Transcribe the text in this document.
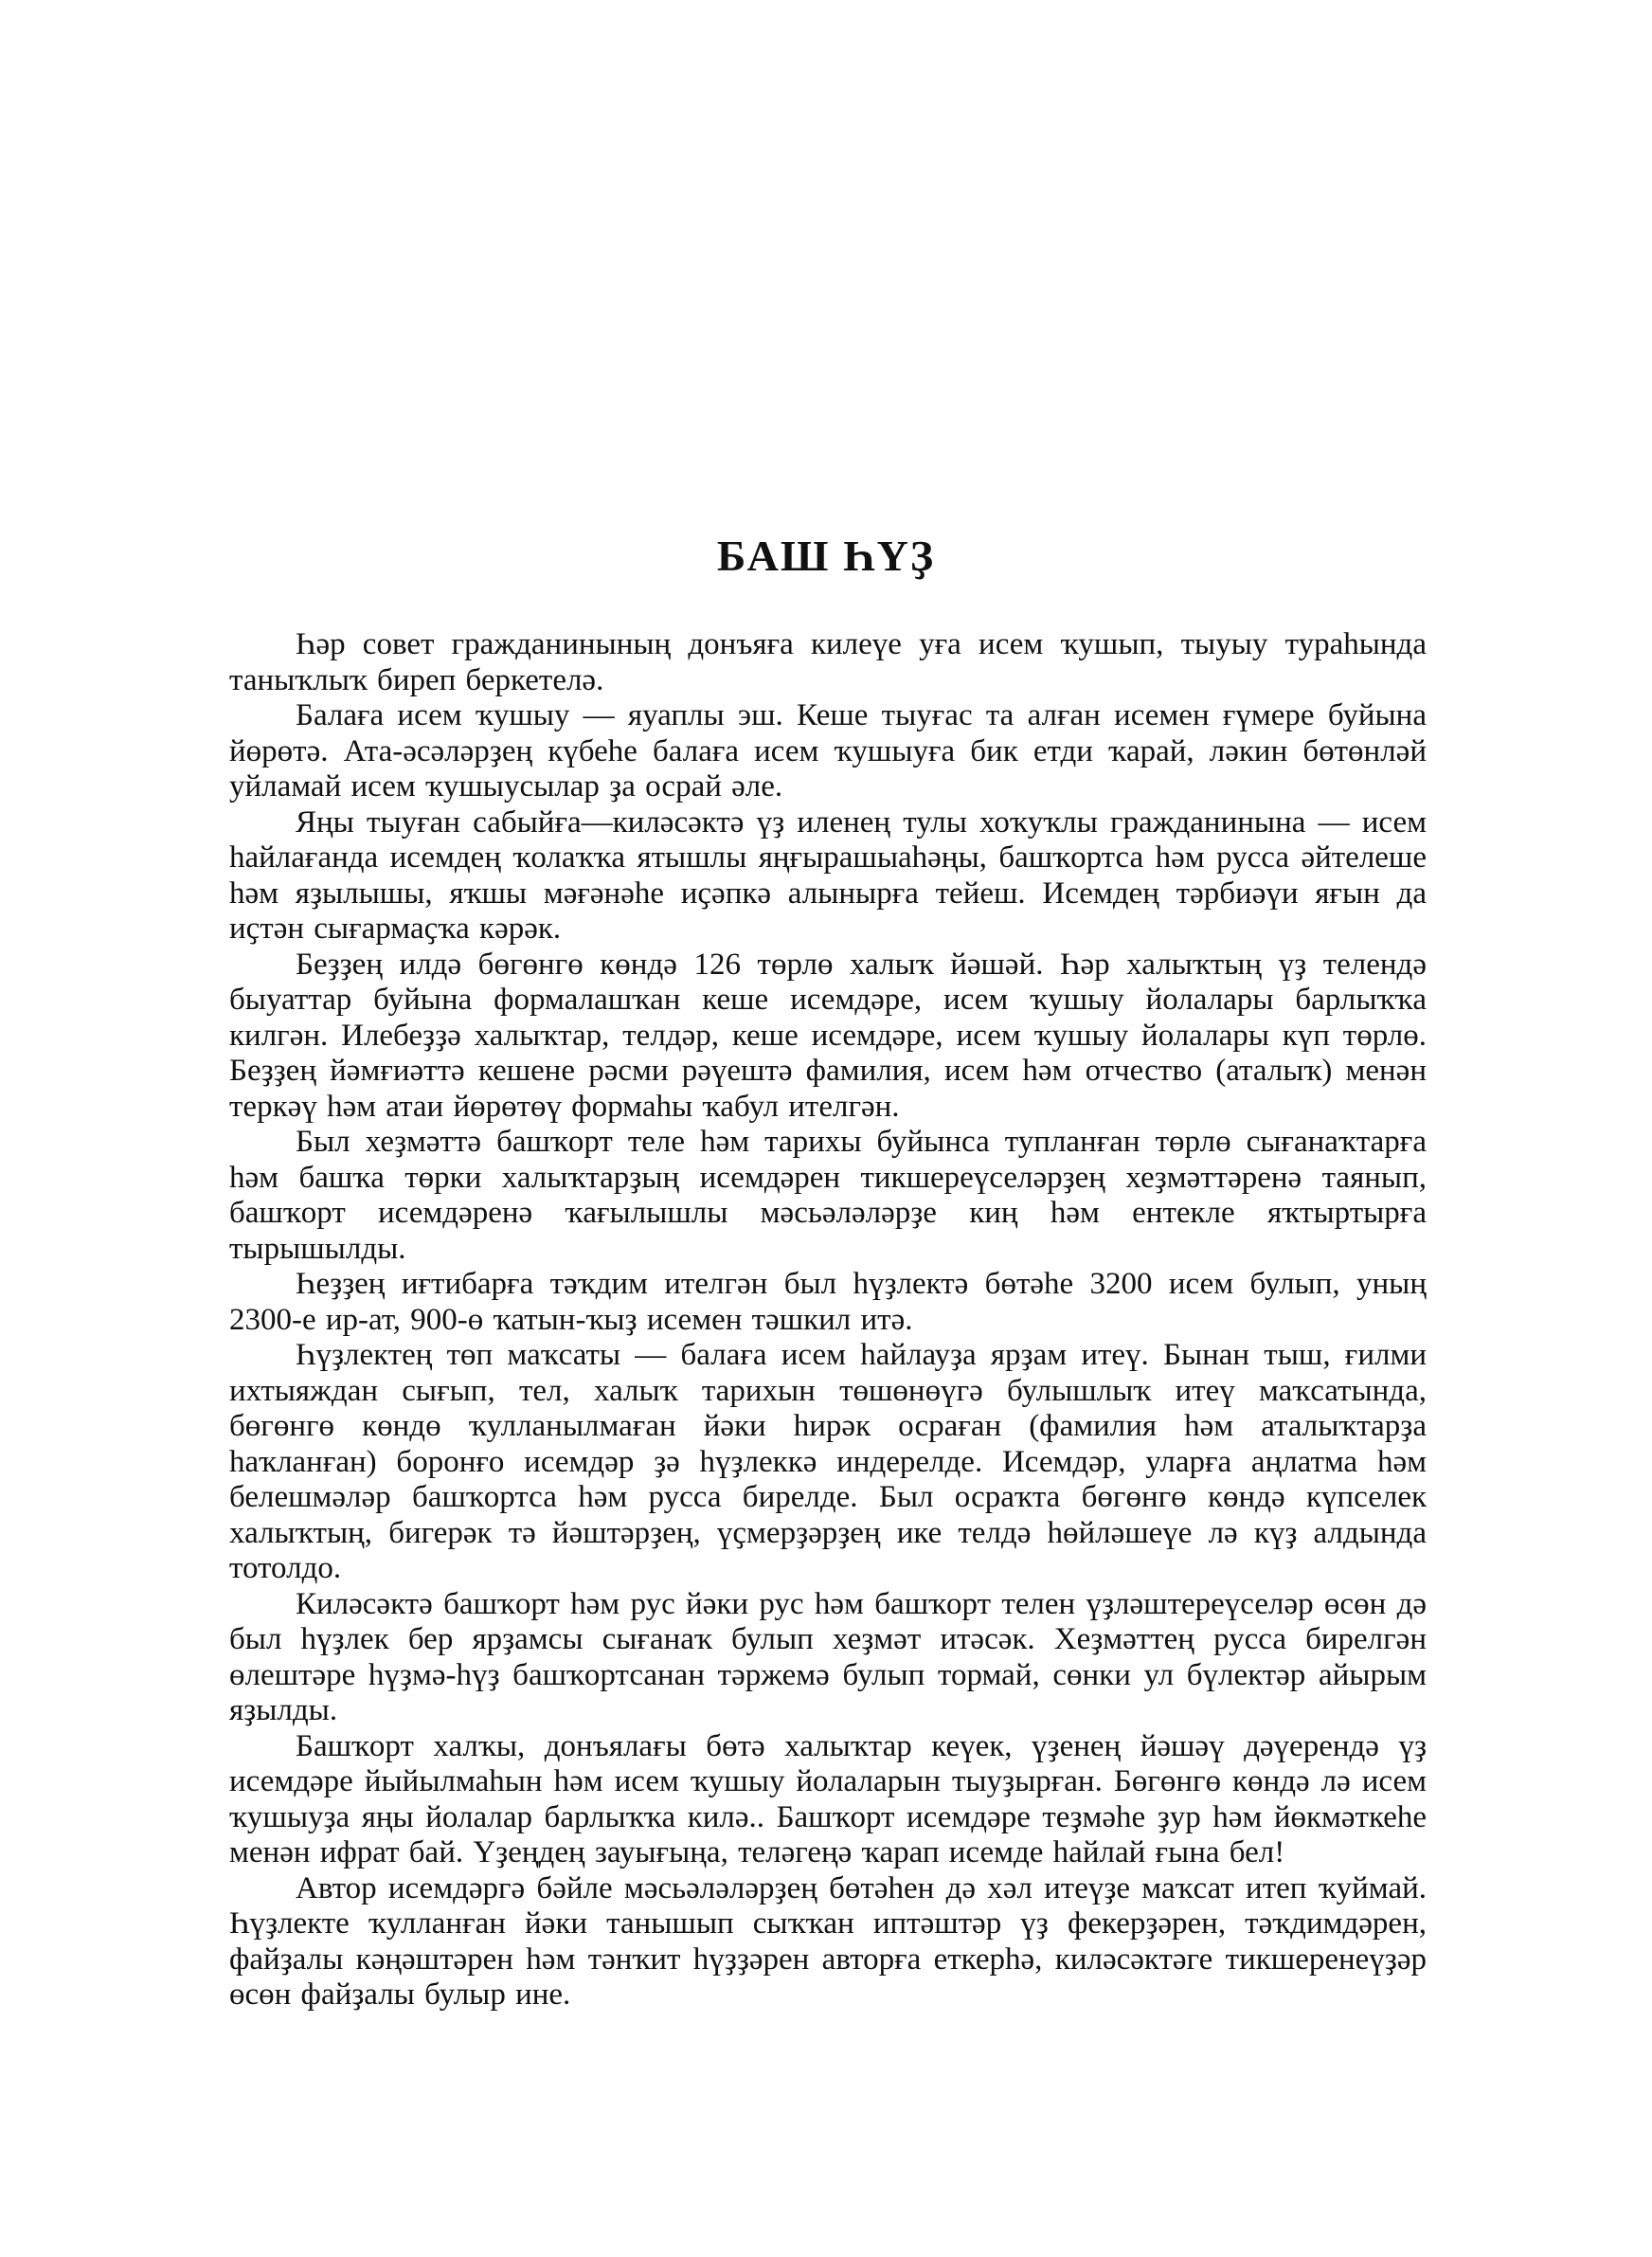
БАШ ҺҮҘ

Һәр совет гражданинының донъяға килеүе уға исем ҡушып, тыуыу тураһында таныҡлыҡ биреп беркетелә.

Балаға исем ҡушыу — яуаплы эш. Кеше тыуғас та алған исемен ғүмере буйына йөрөтә. Ата-әсәләрҙең күбеһе балаға исем ҡушыуға бик етди ҡарай, ләкин бөтөнләй уйламай исем ҡушыусылар ҙа осрай әле.

Яңы тыуған сабыйға—киләсәктә үҙ иленең тулы хоҡуҡлы гражданинына — исем һайлағанда исемдең ҡолаҡҡа ятышлы яңғырашыаһәңы, башҡортса һәм русса әйтелеше һәм яҙылышы, яҡшы мәғәнәһе иҫәпкә алынырға тейеш. Исемдең тәрбиәүи яғын да иҫтән сығармаҫҡа кәрәк.

Беҙҙең илдә бөгөнгө көндә 126 төрлө халыҡ йәшәй. Һәр халыҡтың үҙ телендә быуаттар буйына формалашҡан кеше исемдәре, исем ҡушыу йолалары барлыҡҡа килгән. Илебеҙҙә халыҡтар, телдәр, кеше исемдәре, исем ҡушыу йолалары күп төрлө. Беҙҙең йәмғиәттә кешене рәсми рәүештә фамилия, исем һәм отчество (аталыҡ) менән теркәү һәм атаи йөрөтөү формаһы ҡабул ителгән.

Был хеҙмәттә башҡорт теле һәм тарихы буйынса тупланған төрлө сығанаҡтарға һәм башҡа төрки халыҡтарҙың исемдәрен тикшереүселәрҙең хеҙмәттәренә таянып, башҡорт исемдәренә ҡағылышлы мәсьәләләрҙе киң һәм ентекле яҡтыртырға тырышылды.

Һеҙҙең иғтибарға тәҡдим ителгән был һүҙлектә бөтәһе 3200 исем булып, уның 2300-е ир-ат, 900-ө ҡатын-ҡыҙ исемен тәшкил итә.

Һүҙлектең төп маҡсаты — балаға исем һайлауҙа ярҙам итеү. Бынан тыш, ғилми ихтыяждан сығып, тел, халыҡ тарихын төшөнөүгә булышлыҡ итеү маҡсатында, бөгөнгө көндө ҡулланылмаған йәки һирәк осраған (фамилия һәм аталыҡтарҙа һаҡланған) боронғо исемдәр ҙә һүҙлеккә индерелде. Исемдәр, уларға аңлатма һәм белешмәләр башҡортса һәм русса бирелде. Был осраҡта бөгөнгө көндә күпселек халыҡтың, бигерәк тә йәштәрҙең, үҫмерҙәрҙең ике телдә һөйләшеүе лә күҙ алдында тотолдо.

Киләсәктә башҡорт һәм рус йәки рус һәм башҡорт телен үҙләштереүселәр өсөн дә был һүҙлек бер ярҙамсы сығанаҡ булып хеҙмәт итәсәк. Хеҙмәттең русса бирелгән өлештәре һүҙмә-һүҙ башҡортсанан тәржемә булып тормай, сөнки ул бүлектәр айырым яҙылды.

Башҡорт халҡы, донъялағы бөтә халыҡтар кеүек, үҙенең йәшәү дәүерендә үҙ исемдәре йыйылмаһын һәм исем ҡушыу йолаларын тыуҙырған. Бөгөнгө көндә лә исем ҡушыуҙа яңы йолалар барлыҡҡа килә.. Башҡорт исемдәре теҙмәһе ҙур һәм йөкмәткеһе менән ифрат бай. Үҙеңдең зауығыңа, теләгеңә ҡарап исемде һайлай ғына бел!

Автор исемдәргә бәйле мәсьәләләрҙең бөтәһен дә хәл итеүҙе маҡсат итеп ҡуймай. Һүҙлекте ҡулланған йәки танышып сыҡҡан иптәштәр үҙ фекерҙәрен, тәҡдимдәрен, файҙалы кәңәштәрен һәм тәнҡит һүҙҙәрен авторға еткерһә, киләсәктәге тикшеренеүҙәр өсөн файҙалы булыр ине.
